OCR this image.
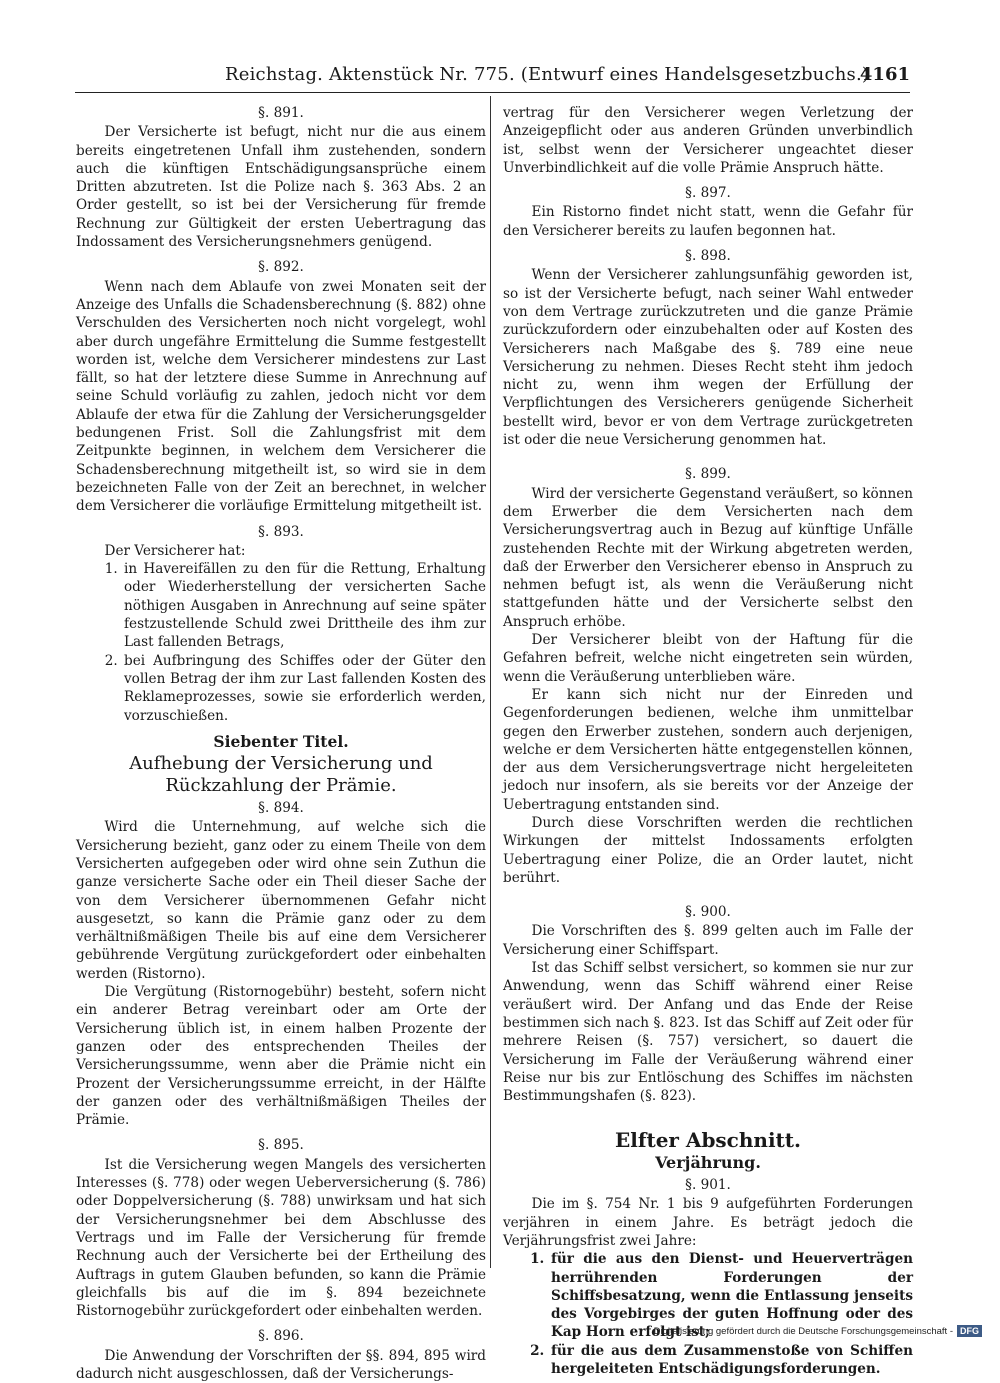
Reichstag. Aktenstück Nr. 775. (Entwurf eines Handelsgesetzbuchs.)
4161
§. 891.

Der Versicherte ist befugt, nicht nur die aus einem bereits eingetretenen Unfall ihm zustehenden, sondern auch die künftigen Entschädigungsansprüche einem Dritten abzutreten. Ist die Polize nach §. 363 Abs. 2 an Order gestellt, so ist bei der Versicherung für fremde Rechnung zur Gültigkeit der ersten Uebertragung das Indossament des Versicherungsnehmers genügend.

§. 892.

Wenn nach dem Ablaufe von zwei Monaten seit der Anzeige des Unfalls die Schadensberechnung (§. 882) ohne Verschulden des Versicherten noch nicht vorgelegt, wohl aber durch ungefähre Ermittelung die Summe festgestellt worden ist, welche dem Versicherer mindestens zur Last fällt, so hat der letztere diese Summe in Anrechnung auf seine Schuld vorläufig zu zahlen, jedoch nicht vor dem Ablaufe der etwa für die Zahlung der Versicherungsgelder bedungenen Frist. Soll die Zahlungsfrist mit dem Zeitpunkte beginnen, in welchem dem Versicherer die Schadensberechnung mitgetheilt ist, so wird sie in dem bezeichneten Falle von der Zeit an berechnet, in welcher dem Versicherer die vorläufige Ermittelung mitgetheilt ist.

§. 893.

Der Versicherer hat:

1. in Havereifällen zu den für die Rettung, Erhaltung oder Wiederherstellung der versicherten Sache nöthigen Ausgaben in Anrechnung auf seine später festzustellende Schuld zwei Drittheile des ihm zur Last fallenden Betrags,
2. bei Aufbringung des Schiffes oder der Güter den vollen Betrag der ihm zur Last fallenden Kosten des Reklameprozesses, sowie sie erforderlich werden, vorzuschießen.
Siebenter Titel.
Aufhebung der Versicherung und Rückzahlung der Prämie.
§. 894.

Wird die Unternehmung, auf welche sich die Versicherung bezieht, ganz oder zu einem Theile von dem Versicherten aufgegeben oder wird ohne sein Zuthun die ganze versicherte Sache oder ein Theil dieser Sache der von dem Versicherer übernommenen Gefahr nicht ausgesetzt, so kann die Prämie ganz oder zu dem verhältnißmäßigen Theile bis auf eine dem Versicherer gebührende Vergütung zurückgefordert oder einbehalten werden (Ristorno).

Die Vergütung (Ristornogebühr) besteht, sofern nicht ein anderer Betrag vereinbart oder am Orte der Versicherung üblich ist, in einem halben Prozente der ganzen oder des entsprechenden Theiles der Versicherungssumme, wenn aber die Prämie nicht ein Prozent der Versicherungssumme erreicht, in der Hälfte der ganzen oder des verhältnißmäßigen Theiles der Prämie.

§. 895.

Ist die Versicherung wegen Mangels des versicherten Interesses (§. 778) oder wegen Ueberversicherung (§. 786) oder Doppelversicherung (§. 788) unwirksam und hat sich der Versicherungsnehmer bei dem Abschlusse des Vertrags und im Falle der Versicherung für fremde Rechnung auch der Versicherte bei der Ertheilung des Auftrags in gutem Glauben befunden, so kann die Prämie gleichfalls bis auf die im §. 894 bezeichnete Ristornogebühr zurückgefordert oder einbehalten werden.

§. 896.

Die Anwendung der Vorschriften der §§. 894, 895 wird dadurch nicht ausgeschlossen, daß der Versicherungs-

vertrag für den Versicherer wegen Verletzung der Anzeigepflicht oder aus anderen Gründen unverbindlich ist, selbst wenn der Versicherer ungeachtet dieser Unverbindlichkeit auf die volle Prämie Anspruch hätte.

§. 897.

Ein Ristorno findet nicht statt, wenn die Gefahr für den Versicherer bereits zu laufen begonnen hat.

§. 898.

Wenn der Versicherer zahlungsunfähig geworden ist, so ist der Versicherte befugt, nach seiner Wahl entweder von dem Vertrage zurückzutreten und die ganze Prämie zurückzufordern oder einzubehalten oder auf Kosten des Versicherers nach Maßgabe des §. 789 eine neue Versicherung zu nehmen. Dieses Recht steht ihm jedoch nicht zu, wenn ihm wegen der Erfüllung der Verpflichtungen des Versicherers genügende Sicherheit bestellt wird, bevor er von dem Vertrage zurückgetreten ist oder die neue Versicherung genommen hat.

§. 899.

Wird der versicherte Gegenstand veräußert, so können dem Erwerber die dem Versicherten nach dem Versicherungsvertrag auch in Bezug auf künftige Unfälle zustehenden Rechte mit der Wirkung abgetreten werden, daß der Erwerber den Versicherer ebenso in Anspruch zu nehmen befugt ist, als wenn die Veräußerung nicht stattgefunden hätte und der Versicherte selbst den Anspruch erhöbe.

Der Versicherer bleibt von der Haftung für die Gefahren befreit, welche nicht eingetreten sein würden, wenn die Veräußerung unterblieben wäre.

Er kann sich nicht nur der Einreden und Gegenforderungen bedienen, welche ihm unmittelbar gegen den Erwerber zustehen, sondern auch derjenigen, welche er dem Versicherten hätte entgegenstellen können, der aus dem Versicherungsvertrage nicht hergeleiteten jedoch nur insofern, als sie bereits vor der Anzeige der Uebertragung entstanden sind.

Durch diese Vorschriften werden die rechtlichen Wirkungen der mittelst Indossaments erfolgten Uebertragung einer Polize, die an Order lautet, nicht berührt.

§. 900.

Die Vorschriften des §. 899 gelten auch im Falle der Versicherung einer Schiffspart.

Ist das Schiff selbst versichert, so kommen sie nur zur Anwendung, wenn das Schiff während einer Reise veräußert wird. Der Anfang und das Ende der Reise bestimmen sich nach §. 823. Ist das Schiff auf Zeit oder für mehrere Reisen (§. 757) versichert, so dauert die Versicherung im Falle der Veräußerung während einer Reise nur bis zur Entlöschung des Schiffes im nächsten Bestimmungshafen (§. 823).

Elfter Abschnitt.
Verjährung.
§. 901.

Die im §. 754 Nr. 1 bis 9 aufgeführten Forderungen verjähren in einem Jahre. Es beträgt jedoch die Verjährungsfrist zwei Jahre:

1. für die aus den Dienst- und Heuerverträgen herrührenden Forderungen der Schiffsbesatzung, wenn die Entlassung jenseits des Vorgebirges der guten Hoffnung oder des Kap Horn erfolgt ist;
2. für die aus dem Zusammenstoße von Schiffen hergeleiteten Entschädigungsforderungen.
Digitalisierung gefördert durch die Deutsche Forschungsgemeinschaft - DFG
